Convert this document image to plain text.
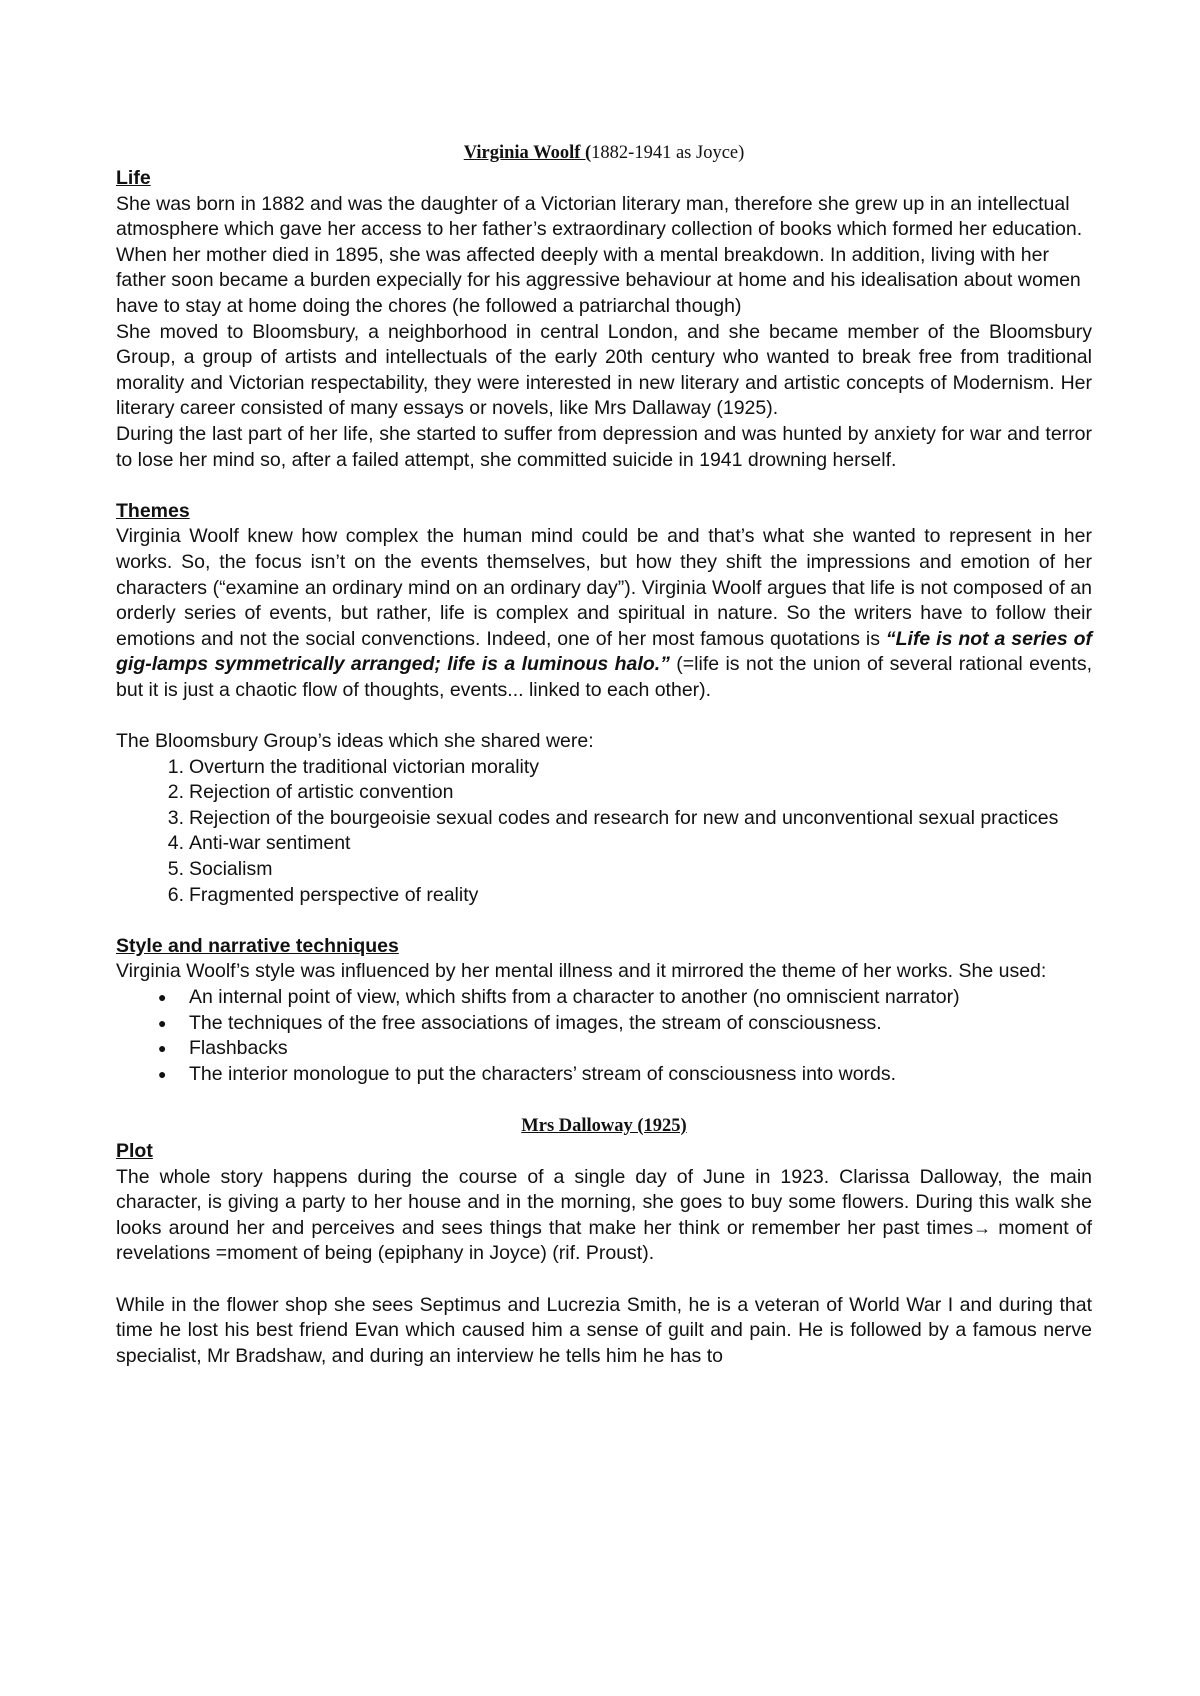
Virginia Woolf (1882-1941 as Joyce)
Life

She was born in 1882 and was the daughter of a Victorian literary man, therefore she grew up in an intellectual atmosphere which gave her access to her father’s extraordinary collection of books which formed her education.

When her mother died in 1895, she was affected deeply with a mental breakdown. In addition, living with her father soon became a burden expecially for his aggressive behaviour at home and his idealisation about women have to stay at home doing the chores (he followed a patriarchal though)

She moved to Bloomsbury, a neighborhood in central London, and she became member of the Bloomsbury Group, a group of artists and intellectuals of the early 20th century who wanted to break free from traditional morality and Victorian respectability, they were interested in new literary and artistic concepts of Modernism. Her literary career consisted of many essays or novels, like Mrs Dallaway (1925).

During the last part of her life, she started to suffer from depression and was hunted by anxiety for war and terror to lose her mind so, after a failed attempt, she committed suicide in 1941 drowning herself.

Themes

Virginia Woolf knew how complex the human mind could be and that’s what she wanted to represent in her works. So, the focus isn’t on the events themselves, but how they shift the impressions and emotion of her characters (“examine an ordinary mind on an ordinary day”). Virginia Woolf argues that life is not composed of an orderly series of events, but rather, life is complex and spiritual in nature. So the writers have to follow their emotions and not the social convenctions. Indeed, one of her most famous quotations is “Life is not a series of gig-lamps symmetrically arranged; life is a luminous halo.” (=life is not the union of several rational events, but it is just a chaotic flow of thoughts, events... linked to each other).

The Bloomsbury Group’s ideas which she shared were:

1. Overturn the traditional victorian morality
2. Rejection of artistic convention
3. Rejection of the bourgeoisie sexual codes and research for new and unconventional sexual practices
4. Anti-war sentiment
5. Socialism
6. Fragmented perspective of reality
Style and narrative techniques

Virginia Woolf’s style was influenced by her mental illness and it mirrored the theme of her works. She used:

● An internal point of view, which shifts from a character to another (no omniscient narrator)
● The techniques of the free associations of images, the stream of consciousness.
● Flashbacks
● The interior monologue to put the characters’ stream of consciousness into words.
Mrs Dalloway (1925)
Plot

The whole story happens during the course of a single day of June in 1923. Clarissa Dalloway, the main character, is giving a party to her house and in the morning, she goes to buy some flowers. During this walk she looks around her and perceives and sees things that make her think or remember her past times→ moment of revelations =moment of being (epiphany in Joyce) (rif. Proust).

While in the flower shop she sees Septimus and Lucrezia Smith, he is a veteran of World War I and during that time he lost his best friend Evan which caused him a sense of guilt and pain. He is followed by a famous nerve specialist, Mr Bradshaw, and during an interview he tells him he has to
